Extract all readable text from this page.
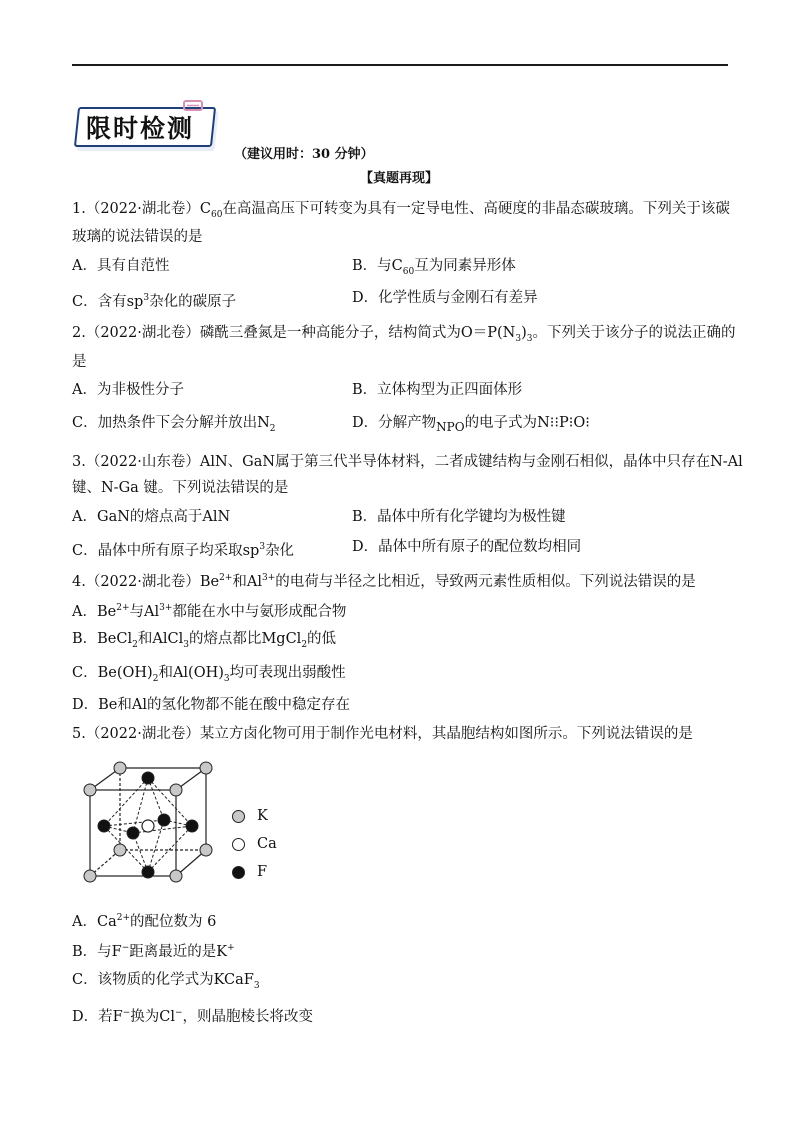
限时检测
（建议用时：30 分钟）
【真题再现】
1.（2022·湖北卷）$C_{60}$在高温高压下可转变为具有一定导电性、高硬度的非晶态碳玻璃。下列关于该碳
玻璃的说法错误的是
A．具有自范性	B．与$C_{60}$互为同素异形体
C．含有$sp^3$杂化的碳原子	D．化学性质与金刚石有差异
2.（2022·湖北卷）磷酰三叠氮是一种高能分子，结构简式为$O=P(N_3)_3$。下列关于该分子的说法正确的
是
A．为非极性分子	B．立体构型为正四面体形
C．加热条件下会分解并放出$N_2$	D．分解产物$_{NPO}$的电子式为N⁝⁝P⁝O⁝
3.（2022·山东卷）AlN、GaN属于第三代半导体材料，二者成键结构与金刚石相似，晶体中只存在N-Al
键、N-Ga 键。下列说法错误的是
A．GaN的熔点高于AlN	B．晶体中所有化学键均为极性键
C．晶体中所有原子均采取$sp^3$杂化	D．晶体中所有原子的配位数均相同
4.（2022·湖北卷）$Be^{2+}$和$Al^{3+}$的电荷与半径之比相近，导致两元素性质相似。下列说法错误的是
A．$Be^{2+}$与$Al^{3+}$都能在水中与氨形成配合物
B．BeCl$_2$和AlCl$_3$的熔点都比MgCl$_2$的低
C．$Be(OH)_2$和$Al(OH)_3$均可表现出弱酸性
D．Be和Al的氢化物都不能在酸中稳定存在
5.（2022·湖北卷）某立方卤化物可用于制作光电材料，其晶胞结构如图所示。下列说法错误的是
K
Ca
F
A．$Ca^{2+}$的配位数为 6
B．与F−距离最近的是K+
C．该物质的化学式为KCaF$_3$
D．若F−换为Cl−，则晶胞棱长将改变
